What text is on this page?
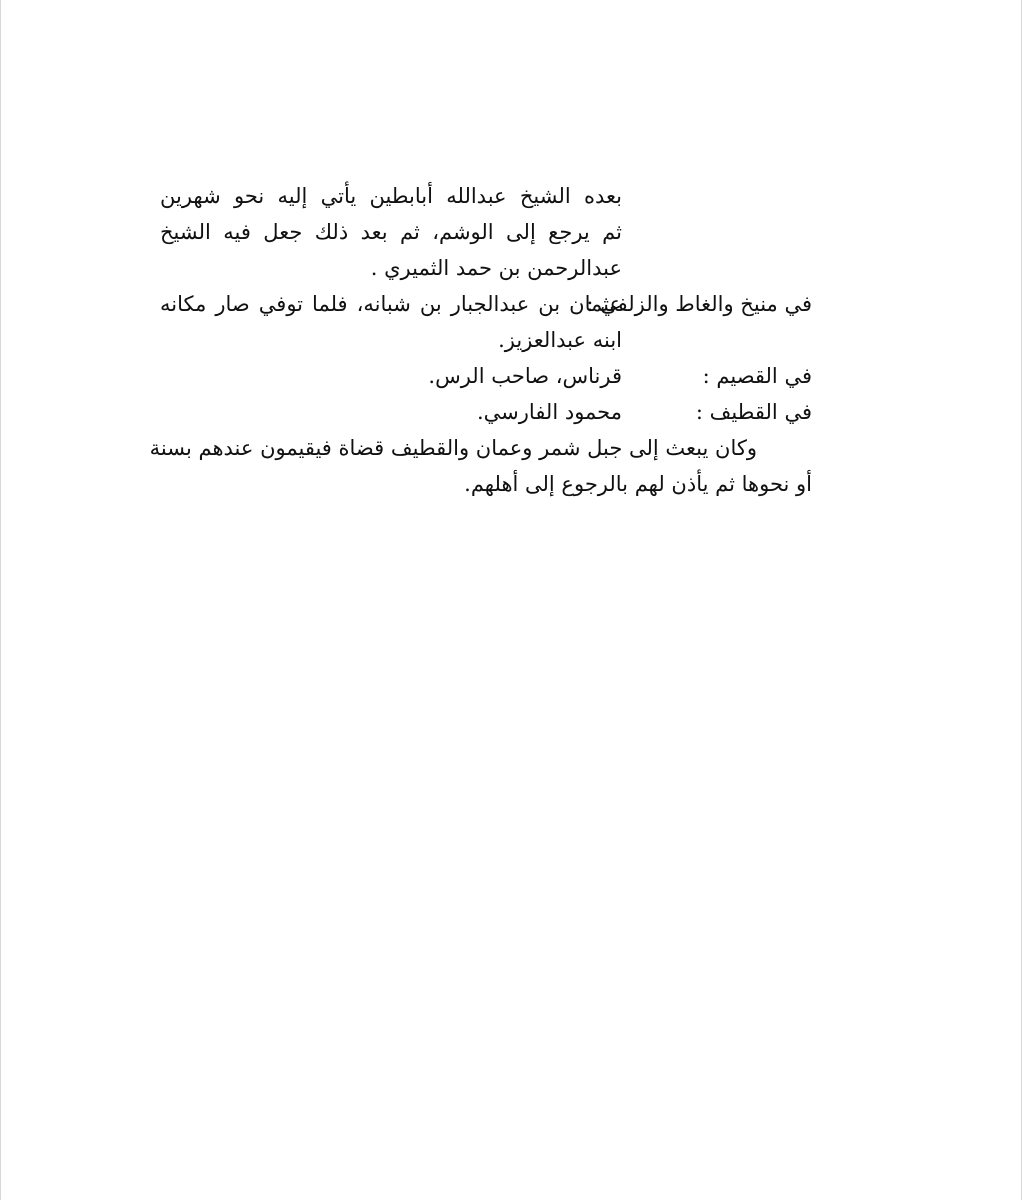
بعده الشيخ عبدالله أبابطين يأتي إليه نحو شهرين
ثم يرجع إلى الوشم، ثم بعد ذلك جعل فيه الشيخ
عبدالرحمن بن حمد الثميري .
في منيخ والغاط والزلفي :
عثمان بن عبدالجبار بن شبانه، فلما توفي صار مكانه
ابنه عبدالعزيز.
في القصيم :
قرناس، صاحب الرس.
في القطيف :
محمود الفارسي.
وكان يبعث إلى جبل شمر وعمان والقطيف قضاة فيقيمون عندهم بسنة
أو نحوها ثم يأذن لهم بالرجوع إلى أهلهم.
